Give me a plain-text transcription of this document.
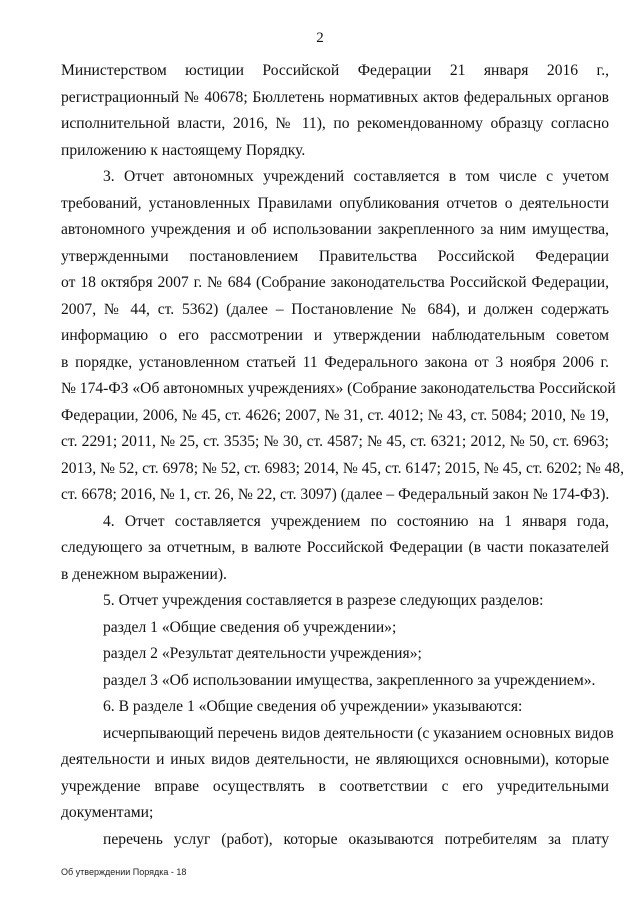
2
Министерством юстиции Российской Федерации 21 января 2016 г.,
регистрационный № 40678; Бюллетень нормативных актов федеральных органов
исполнительной власти, 2016, № 11), по рекомендованному образцу согласно
приложению к настоящему Порядку.
3. Отчет автономных учреждений составляется в том числе с учетом
требований, установленных Правилами опубликования отчетов о деятельности
автономного учреждения и об использовании закрепленного за ним имущества,
утвержденными постановлением Правительства Российской Федерации
от 18 октября 2007 г. № 684 (Собрание законодательства Российской Федерации,
2007, № 44, ст. 5362) (далее – Постановление № 684), и должен содержать
информацию о его рассмотрении и утверждении наблюдательным советом
в порядке, установленном статьей 11 Федерального закона от 3 ноября 2006 г.
№ 174-ФЗ «Об автономных учреждениях» (Собрание законодательства Российской
Федерации, 2006, № 45, ст. 4626; 2007, № 31, ст. 4012; № 43, ст. 5084; 2010, № 19,
ст. 2291; 2011, № 25, ст. 3535; № 30, ст. 4587; № 45, ст. 6321; 2012, № 50, ст. 6963;
2013, № 52, ст. 6978; № 52, ст. 6983; 2014, № 45, ст. 6147; 2015, № 45, ст. 6202; № 48,
ст. 6678; 2016, № 1, ст. 26, № 22, ст. 3097) (далее – Федеральный закон № 174-ФЗ).
4. Отчет составляется учреждением по состоянию на 1 января года,
следующего за отчетным, в валюте Российской Федерации (в части показателей
в денежном выражении).
5. Отчет учреждения составляется в разрезе следующих разделов:
раздел 1 «Общие сведения об учреждении»;
раздел 2 «Результат деятельности учреждения»;
раздел 3 «Об использовании имущества, закрепленного за учреждением».
6. В разделе 1 «Общие сведения об учреждении» указываются:
исчерпывающий перечень видов деятельности (с указанием основных видов
деятельности и иных видов деятельности, не являющихся основными), которые
учреждение вправе осуществлять в соответствии с его учредительными
документами;
перечень услуг (работ), которые оказываются потребителям за плату
Об утверждении Порядка - 18
